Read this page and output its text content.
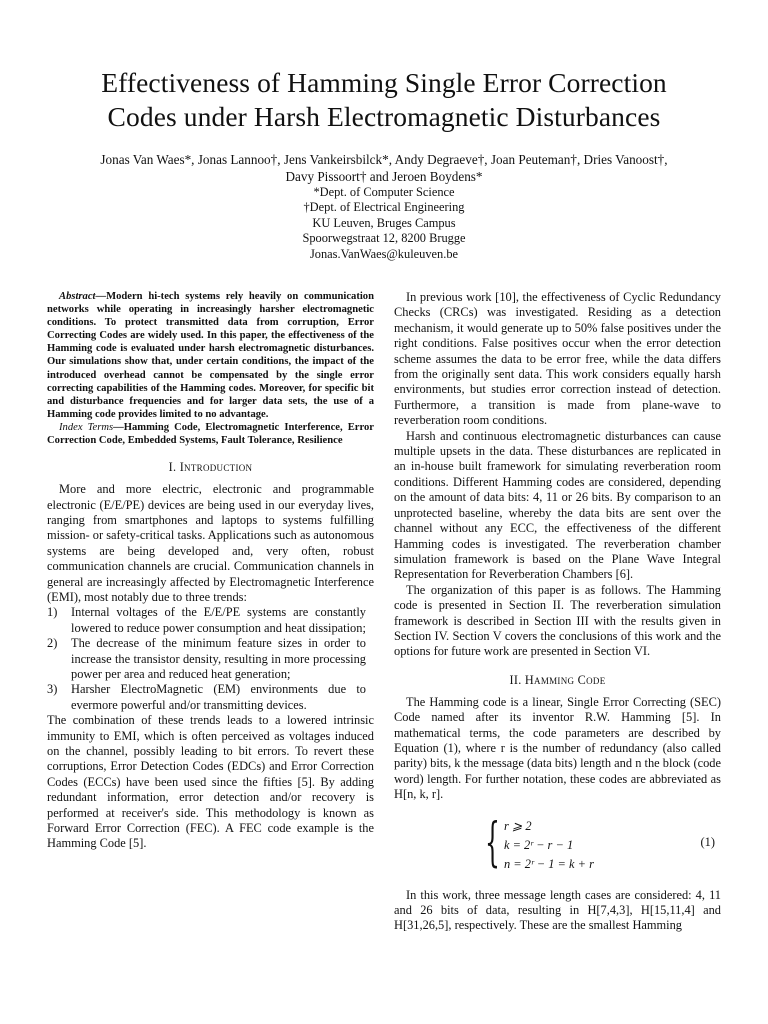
Effectiveness of Hamming Single Error Correction
Codes under Harsh Electromagnetic Disturbances
Jonas Van Waes*, Jonas Lannoo†, Jens Vankeirsbilck*, Andy Degraeve†, Joan Peuteman†, Dries Vanoost†,
Davy Pissoort† and Jeroen Boydens*
*Dept. of Computer Science
†Dept. of Electrical Engineering
KU Leuven, Bruges Campus
Spoorwegstraat 12, 8200 Brugge
Jonas.VanWaes@kuleuven.be

Abstract—Modern hi-tech systems rely heavily on communication networks while operating in increasingly harsher electromagnetic conditions. To protect transmitted data from corruption, Error Correcting Codes are widely used. In this paper, the effectiveness of the Hamming code is evaluated under harsh electromagnetic disturbances. Our simulations show that, under certain conditions, the impact of the introduced overhead cannot be compensated by the single error correcting capabilities of the Hamming codes. Moreover, for specific bit and disturbance frequencies and for larger data sets, the use of a Hamming code provides limited to no advantage.

Index Terms—Hamming Code, Electromagnetic Interference, Error Correction Code, Embedded Systems, Fault Tolerance, Resilience

I. Introduction

More and more electric, electronic and programmable electronic (E/E/PE) devices are being used in our everyday lives, ranging from smartphones and laptops to systems fulfilling mission- or safety-critical tasks. Applications such as autonomous systems are being developed and, very often, robust communication channels are crucial. Communication channels in general are increasingly affected by Electromagnetic Interference (EMI), most notably due to three trends:

1) Internal voltages of the E/E/PE systems are constantly lowered to reduce power consumption and heat dissipation;
2) The decrease of the minimum feature sizes in order to increase the transistor density, resulting in more processing power per area and reduced heat generation;
3) Harsher ElectroMagnetic (EM) environments due to evermore powerful and/or transmitting devices.

The combination of these trends leads to a lowered intrinsic immunity to EMI, which is often perceived as voltages induced on the channel, possibly leading to bit errors. To revert these corruptions, Error Detection Codes (EDCs) and Error Correction Codes (ECCs) have been used since the fifties [5]. By adding redundant information, error detection and/or recovery is performed at receiver's side. This methodology is known as Forward Error Correction (FEC). A FEC code example is the Hamming Code [5].

In previous work [10], the effectiveness of Cyclic Redundancy Checks (CRCs) was investigated. Residing as a detection mechanism, it would generate up to 50% false positives under the right conditions. False positives occur when the error detection scheme assumes the data to be error free, while the data differs from the originally sent data. This work considers equally harsh environments, but studies error correction instead of detection. Furthermore, a transition is made from plane-wave to reverberation room conditions.

Harsh and continuous electromagnetic disturbances can cause multiple upsets in the data. These disturbances are replicated in an in-house built framework for simulating reverberation room conditions. Different Hamming codes are considered, depending on the amount of data bits: 4, 11 or 26 bits. By comparison to an unprotected baseline, whereby the data bits are sent over the channel without any ECC, the effectiveness of the different Hamming codes is investigated. The reverberation chamber simulation framework is based on the Plane Wave Integral Representation for Reverberation Chambers [6].

The organization of this paper is as follows. The Hamming code is presented in Section II. The reverberation simulation framework is described in Section III with the results given in Section IV. Section V covers the conclusions of this work and the options for future work are presented in Section VI.

II. Hamming Code

The Hamming code is a linear, Single Error Correcting (SEC) Code named after its inventor R.W. Hamming [5]. In mathematical terms, the code parameters are described by Equation (1), where r is the number of redundancy (also called parity) bits, k the message (data bits) length and n the block (code word) length. For further notation, these codes are abbreviated as H[n, k, r].

{ r ⩾ 2
k = 2ʳ − r − 1
n = 2ʳ − 1 = k + r
(1)

In this work, three message length cases are considered: 4, 11 and 26 bits of data, resulting in H[7,4,3], H[15,11,4] and H[31,26,5], respectively. These are the smallest Hamming
